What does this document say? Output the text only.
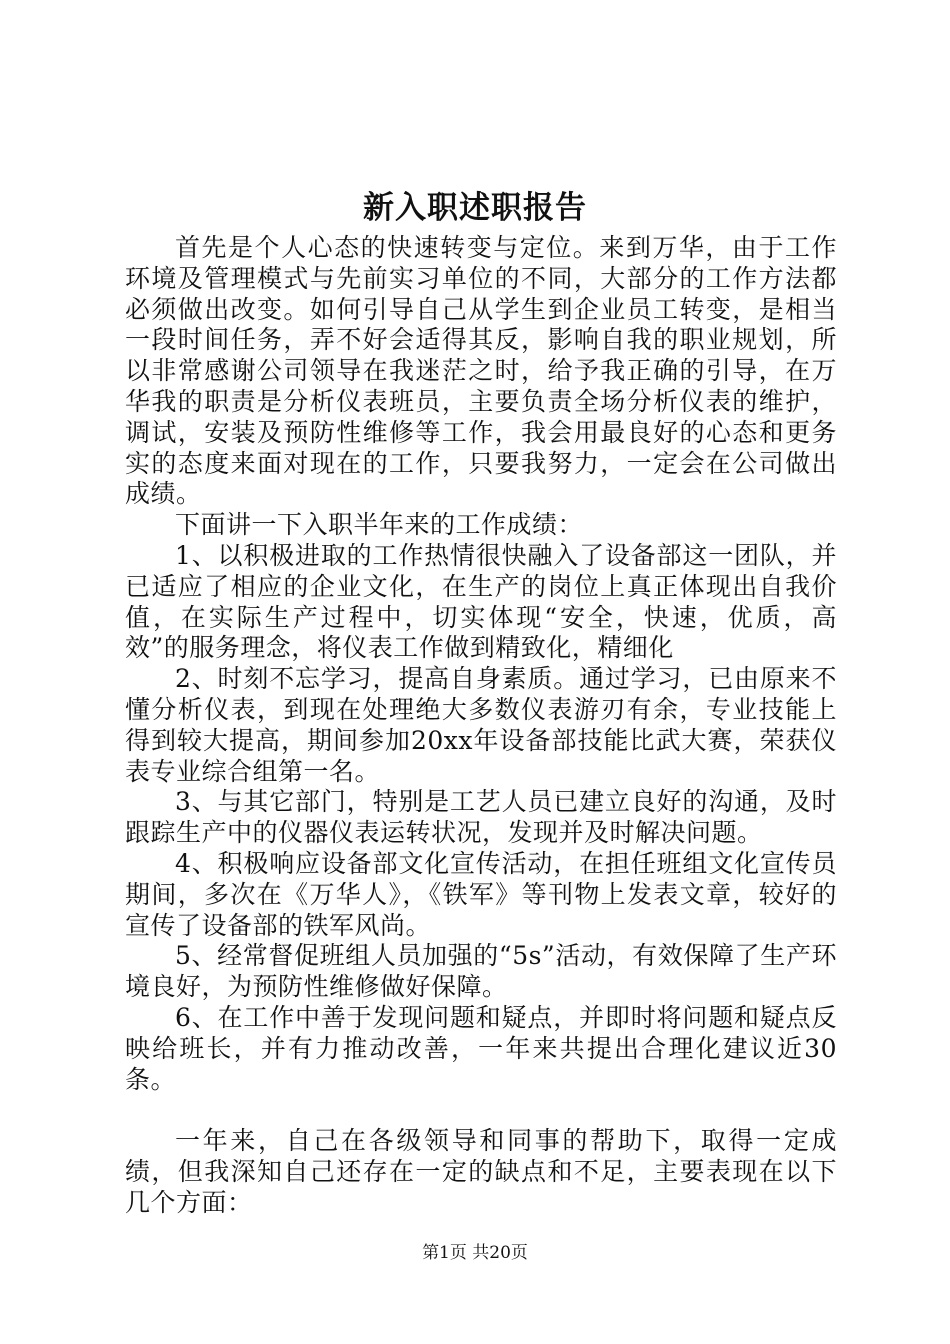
新入职述职报告

首先是个人心态的快速转变与定位。来到万华，由于工作环境及管理模式与先前实习单位的不同，大部分的工作方法都必须做出改变。如何引导自己从学生到企业员工转变，是相当一段时间任务，弄不好会适得其反，影响自我的职业规划，所以非常感谢公司领导在我迷茫之时，给予我正确的引导，在万华我的职责是分析仪表班员，主要负责全场分析仪表的维护，调试，安装及预防性维修等工作，我会用最良好的心态和更务实的态度来面对现在的工作，只要我努力，一定会在公司做出成绩。

下面讲一下入职半年来的工作成绩：

1、以积极进取的工作热情很快融入了设备部这一团队，并已适应了相应的企业文化，在生产的岗位上真正体现出自我价值，在实际生产过程中，切实体现“安全，快速，优质，高效”的服务理念，将仪表工作做到精致化，精细化

2、时刻不忘学习，提高自身素质。通过学习，已由原来不懂分析仪表，到现在处理绝大多数仪表游刃有余，专业技能上得到较大提高，期间参加20xx年设备部技能比武大赛，荣获仪表专业综合组第一名。

3、与其它部门，特别是工艺人员已建立良好的沟通，及时跟踪生产中的仪器仪表运转状况，发现并及时解决问题。

4、积极响应设备部文化宣传活动，在担任班组文化宣传员期间，多次在《万华人》，《铁军》等刊物上发表文章，较好的宣传了设备部的铁军风尚。

5、经常督促班组人员加强的“5s”活动，有效保障了生产环境良好，为预防性维修做好保障。

6、在工作中善于发现问题和疑点，并即时将问题和疑点反映给班长，并有力推动改善，一年来共提出合理化建议近30条。

一年来，自己在各级领导和同事的帮助下，取得一定成绩，但我深知自己还存在一定的缺点和不足，主要表现在以下几个方面：

第1页 共20页
